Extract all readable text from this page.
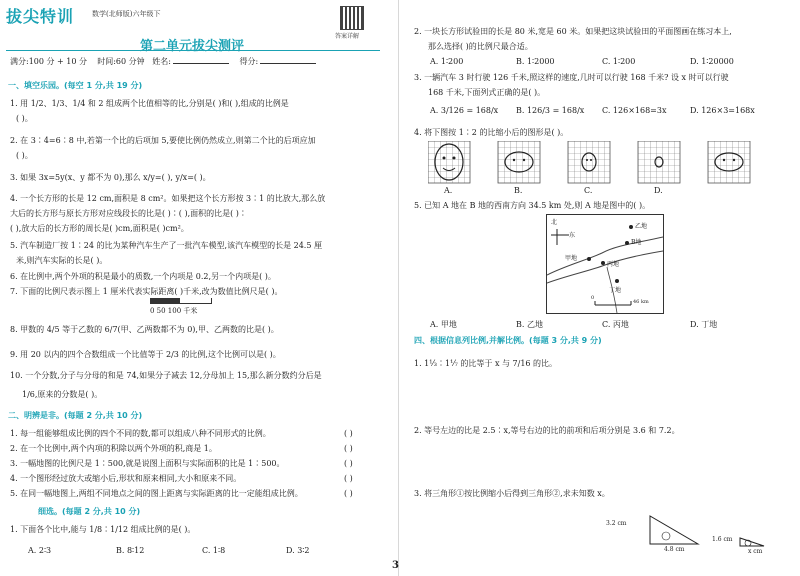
拔尖特训	数学(北师版)六年级下
答案详解
第二单元拔尖测评
满分:100 分 + 10 分 时间:60 分钟 姓名:	得分:
一、填空乐园。(每空 1 分,共 19 分)
1. 用 1/2、1/3、1/4 和 2 组成两个比值相等的比,分别是( )和( ),组成的比例是
( )。
2. 在 3∶4=6∶8 中,若第一个比的后项加 5,要使比例仍然成立,则第二个比的后项应加
( )。
3. 如果 3x=5y(x、y 都不为 0),那么 x/y=( ), y/x=( )。
4. 一个长方形的长是 12 cm,面积是 8 cm²。如果把这个长方形按 3∶1 的比放大,那么放
大后的长方形与原长方形对应线段长的比是( )∶( ),面积的比是( )∶
( ),放大后的长方形的周长是( )cm,面积是( )cm²。
5. 汽车制造厂按 1∶24 的比为某种汽车生产了一批汽车模型,该汽车模型的长是 24.5 厘
米,则汽车实际的长是( )。
6. 在比例中,两个外项的积是最小的质数,一个内项是 0.2,另一个内项是( )。
7. 下面的比例尺表示图上 1 厘米代表实际距离( )千米,改为数值比例尺是( )。
0 50 100 千米
8. 甲数的 4/5 等于乙数的 6/7(甲、乙两数都不为 0),甲、乙两数的比是( )。
9. 用 20 以内的四个合数组成一个比值等于 2/3 的比例,这个比例可以是( )。
10. 一个分数,分子与分母的和是 74,如果分子减去 12,分母加上 15,那么新分数约分后是
1/6,原来的分数是( )。
二、明辨是非。(每题 2 分,共 10 分)
1. 每一组能够组成比例的四个不同的数,都可以组成八种不同形式的比例。	( )
2. 在一个比例中,两个内项的积除以两个外项的积,商是 1。	( )
3. 一幅地图的比例尺是 1∶500,就是说图上面积与实际面积的比是 1∶500。	( )
4. 一个图形经过放大或缩小后,形状和原来相同,大小和原来不同。	( )
5. 在同一幅地图上,两组不同地点之间的图上距离与实际距离的比一定能组成比例。	( )
细选。(每题 2 分,共 10 分)
1. 下面各个比中,能与 1/8∶1/12 组成比例的是( )。
A. 2∶3	B. 8∶12	C. 1∶8	D. 3∶2
2. 一块长方形试验田的长是 80 米,宽是 60 米。如果把这块试验田的平面图画在练习本上,
那么选择( )的比例尺最合适。
A. 1∶200	B. 1∶2000	C. 1∶200	D. 1∶20000
3. 一辆汽车 3 时行驶 126 千米,照这样的速度,几时可以行驶 168 千米? 设 x 时可以行驶
168 千米,下面列式正确的是( )。
A. 3/126 = 168/x B. 126/3 = 168/x C. 126×168=3x	D. 126×3=168x
4. 将下图按 1∶2 的比缩小后的图形是( )。
A.	B.	C.	D.
5. 已知 A 地在 B 地的西南方向 34.5 km 处,则 A 地是图中的( )。
北
东
乙地
B地
甲地
丙地
丁地
0
46 km
A. 甲地	B. 乙地	C. 丙地	D. 丁地
四、根据信息列比例,并解比例。(每题 3 分,共 9 分)
1. 1⅓∶1⅐ 的比等于 x 与 7/16 的比。
2. 等号左边的比是 2.5∶x,等号右边的比的前项和后项分别是 3.6 和 7.2。
3. 将三角形①按比例缩小后得到三角形②,求未知数 x。
3.2 cm
4.8 cm
1.6 cm
x cm
3
